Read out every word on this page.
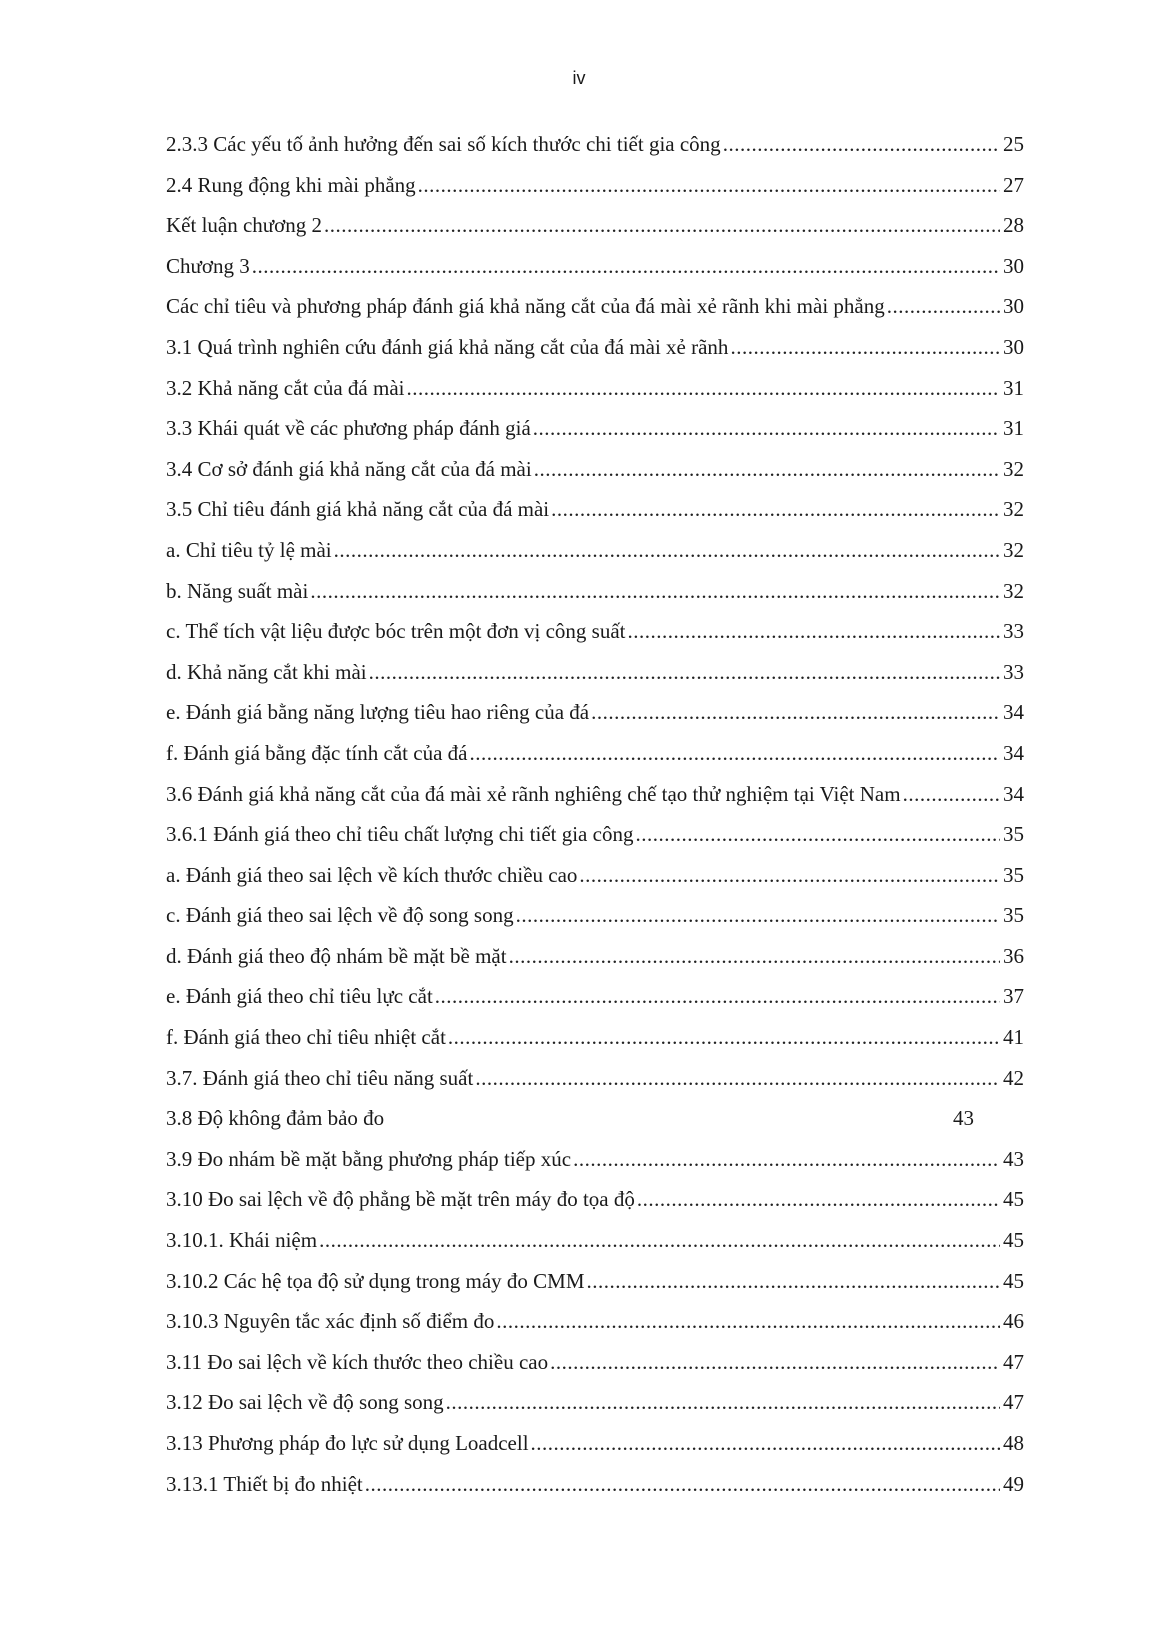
iv
2.3.3 Các yếu tố ảnh hưởng đến sai số kích thước chi tiết gia công .....	25
2.4 Rung động khi mài phẳng .....	27
Kết luận chương 2 .....	28
Chương 3 .....	30
Các chỉ tiêu và phương pháp đánh giá khả năng cắt của đá mài xẻ rãnh khi mài phẳng .....	30
3.1 Quá trình nghiên cứu đánh giá khả năng cắt của đá mài xẻ rãnh .....	30
3.2 Khả năng cắt của đá mài .....	31
3.3 Khái quát về các phương pháp đánh giá .....	31
3.4 Cơ sở đánh giá khả năng cắt của đá mài .....	32
3.5 Chỉ tiêu đánh giá khả năng cắt của đá mài .....	32
a. Chỉ tiêu tỷ lệ mài .....	32
b. Năng suất mài .....	32
c. Thể tích vật liệu được bóc trên một đơn vị công suất .....	33
d. Khả năng cắt khi mài .....	33
e. Đánh giá bằng năng lượng tiêu hao riêng của đá .....	34
f. Đánh giá bằng đặc tính cắt của đá .....	34
3.6 Đánh giá khả năng cắt của đá mài xẻ rãnh nghiêng chế tạo thử nghiệm tại Việt Nam .....	34
3.6.1 Đánh giá theo chỉ tiêu chất lượng chi tiết gia công .....	35
a. Đánh giá theo sai lệch về kích thước chiều cao .....	35
c. Đánh giá theo sai lệch về độ song song .....	35
d. Đánh giá theo độ nhám bề mặt bề mặt .....	36
e. Đánh giá theo chỉ tiêu lực cắt .....	37
f. Đánh giá theo chỉ tiêu nhiệt cắt .....	41
3.7. Đánh giá theo chỉ tiêu năng suất .....	42
3.8 Độ không đảm bảo đo	43
3.9 Đo nhám bề mặt bằng phương pháp tiếp xúc .....	43
3.10 Đo sai lệch về độ phẳng bề mặt trên máy đo tọa độ .....	45
3.10.1. Khái niệm .....	45
3.10.2 Các hệ tọa độ sử dụng trong máy đo CMM .....	45
3.10.3 Nguyên tắc xác định số điểm đo .....	46
3.11 Đo sai lệch về kích thước theo chiều cao .....	47
3.12 Đo sai lệch về độ song song .....	47
3.13 Phương pháp đo lực sử dụng Loadcell .....	48
3.13.1 Thiết bị đo nhiệt .....	49
